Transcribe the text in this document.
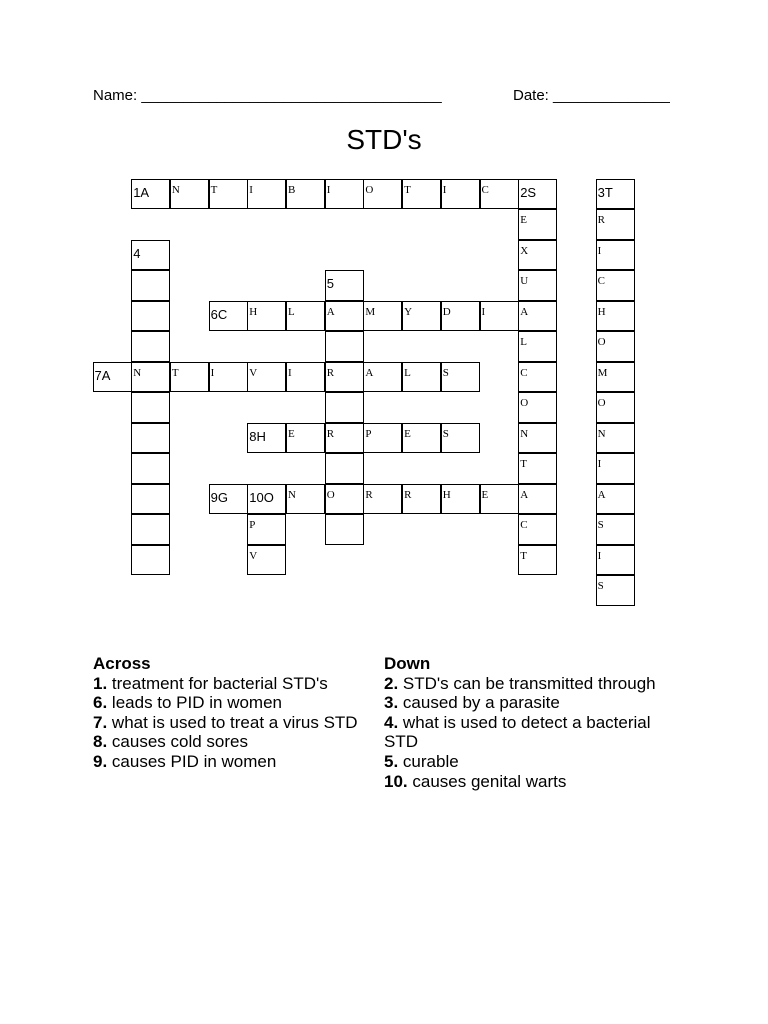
Name: ____________________________________	Date: ______________
STD's
1A N	T	I	B	I	O	T	I	C 2S	3T
E	R
4	X	I
5	U	C
6C H	L	A	M	Y	D	I	A	H
L	O
7A N	T	I	V	I	R	A	L	S	C	M
O	O
8H E	R	P	E	S	N	N
T	I
9G 10O N	O	R	R	H	E	A	A
P	C	S
V	T	I
S
Across
1. treatment for bacterial STD's
6. leads to PID in women
7. what is used to treat a virus STD
8. causes cold sores
9. causes PID in women
Down
2. STD's can be transmitted through
3. caused by a parasite
4. what is used to detect a bacterial STD
5. curable
10. causes genital warts
